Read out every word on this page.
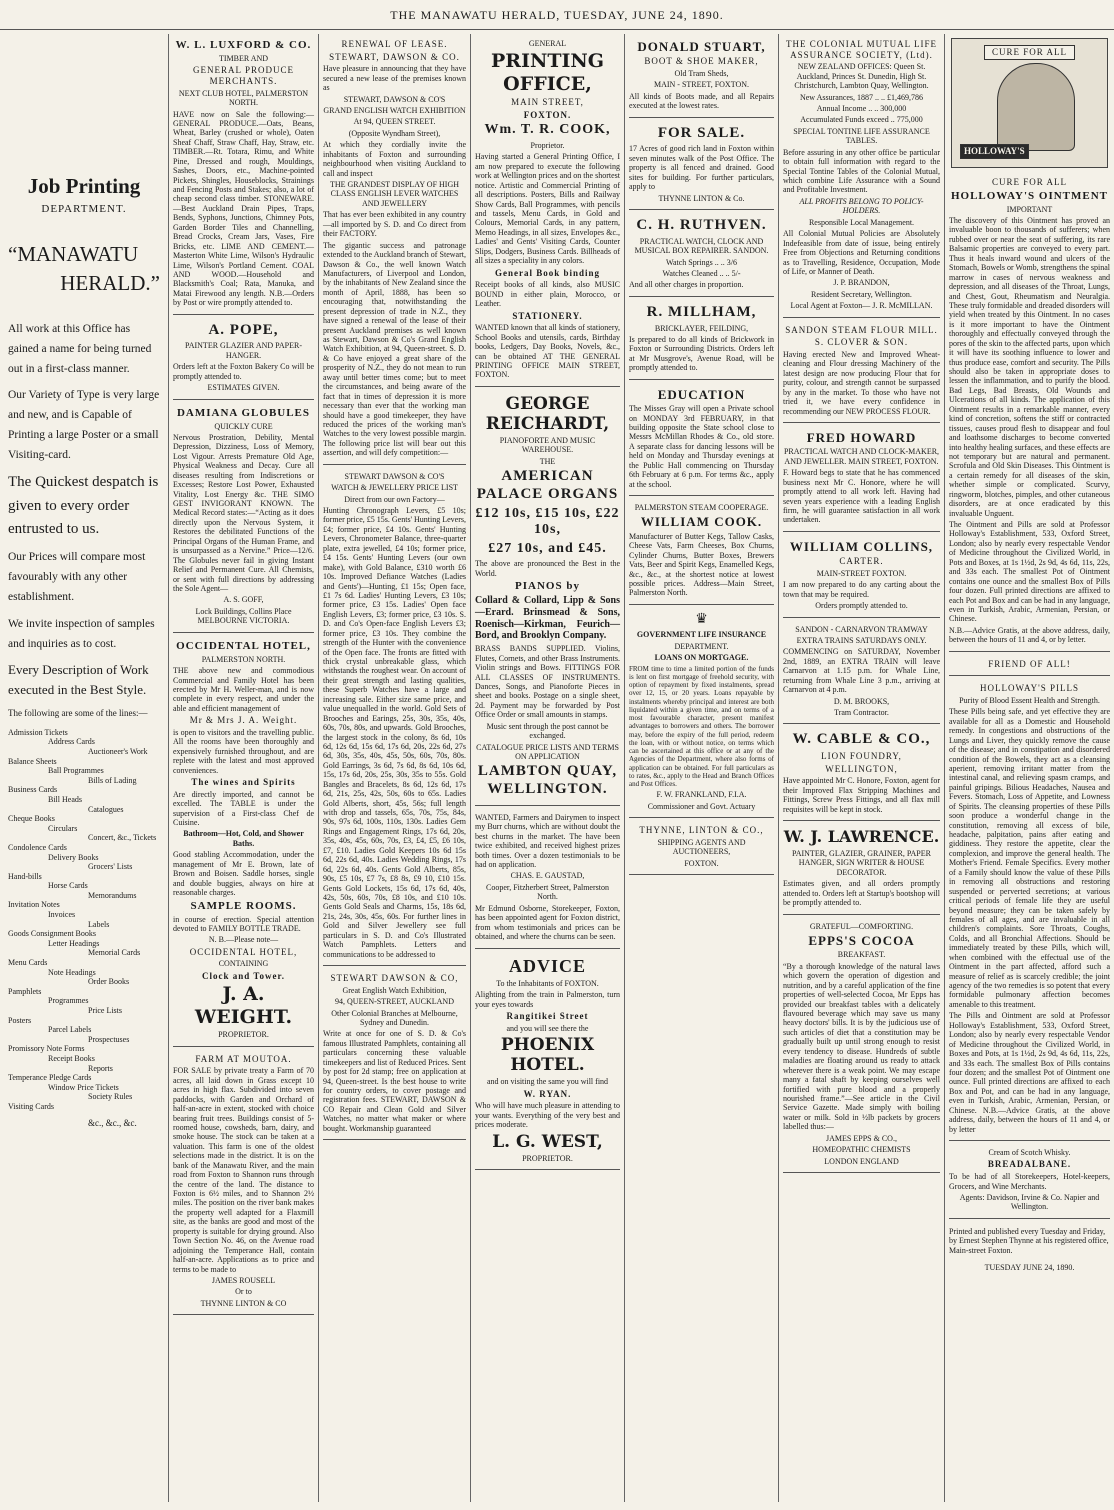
THE MANAWATU HERALD, TUESDAY, JUNE 24, 1890.
Job Printing
DEPARTMENT.
“MANAWATU
HERALD.”

All work at this Office has gained a name for being turned out in a first-class manner.

Our Variety of Type is very large and new, and is Capable of Printing a large Poster or a small Visiting-card.

The Quickest despatch is given to every order entrusted to us.

Our Prices will compare most favourably with any other establishment.

We invite inspection of samples and inquiries as to cost.

Every Description of Work executed in the Best Style.

The following are some of the lines:—

Admission Tickets
Address Cards
Auctioneer's Work
Balance Sheets
Ball Programmes
Bills of Lading
Business Cards
Bill Heads
Catalogues
Cheque Books
Circulars
Concert, &c., Tickets
Condolence Cards
Delivery Books
Grocers' Lists
Hand-bills
Horse Cards
Memorandums
Invitation Notes
Invoices
Labels
Goods Consignment Books
Letter Headings
Memorial Cards
Menu Cards
Note Headings
Order Books
Pamphlets
Programmes
Price Lists
Posters
Parcel Labels
Prospectuses
Promissory Note Forms
Receipt Books
Reports
Temperance Pledge Cards
Window Price Tickets
Society Rules
Visiting Cards
&c., &c., &c.
W. L. LUXFORD & CO.
TIMBER AND
GENERAL PRODUCE MERCHANTS.
NEXT CLUB HOTEL, PALMERSTON NORTH.

HAVE now on Sale the following:— GENERAL PRODUCE.—Oats, Beans, Wheat, Barley (crushed or whole), Oaten Sheaf Chaff, Straw Chaff, Hay, Straw, etc. TIMBER.—Rt. Totara, Rimu, and White Pine, Dressed and rough, Mouldings, Sashes, Doors, etc., Machine-pointed Pickets, Shingles, Houseblocks, Strainings and Fencing Posts and Stakes; also, a lot of cheap second class timber. STONEWARE.—Best Auckland Drain Pipes, Traps, Bends, Syphons, Junctions, Chimney Pots, Garden Border Tiles and Channelling, Bread Crocks, Cream Jars, Vases, Fire Bricks, etc. LIME AND CEMENT.—Masterton White Lime, Wilson's Hydraulic Lime, Wilson's Portland Cement. COAL AND WOOD.—Household and Blacksmith's Coal; Rata, Manuka, and Matai Firewood any length. N.B.—Orders by Post or wire promptly attended to.

A. POPE,
PAINTER GLAZIER AND PAPER-HANGER.

Orders left at the Foxton Bakery Co will be promptly attended to.

ESTIMATES GIVEN.
DAMIANA GLOBULES
QUICKLY CURE

Nervous Prostration, Debility, Mental Depression, Dizziness, Loss of Memory, Lost Vigour. Arrests Premature Old Age, Physical Weakness and Decay. Cure all diseases resulting from Indiscretions or Excesses; Restore Lost Power, Exhausted Vitality, Lost Energy &c. THE SIMO GEST INVIGORANT KNOWN. The Medical Record states:—“Acting as it does directly upon the Nervous System, it Restores the debilitated Functions of the Principal Organs of the Human Frame, and is unsurpassed as a Nervine.” Price—12/6. The Globules never fail in giving Instant Relief and Permanent Cure. All Chemists, or sent with full directions by addressing the Sole Agent—

A. S. GOFF,
Lock Buildings, Collins Place MELBOURNE VICTORIA.
OCCIDENTAL HOTEL,
PALMERSTON NORTH.

THE above new and commodious Commercial and Family Hotel has been erected by Mr H. Weller-man, and is now complete in every respect, and under the able and efficient management of

Mr & Mrs J. A. Weight.

is open to visitors and the travelling public. All the rooms have been thoroughly and expensively furnished throughout, and are replete with the latest and most approved conveniences.

The wines and Spirits

Are directly imported, and cannot be excelled. The TABLE is under the supervision of a First-class Chef de Cuisine.

Bathroom—Hot, Cold, and Shower Baths.

Good stabling Accommodation, under the management of Mr E. Brown, late of Brown and Boisen. Saddle horses, single and double buggies, always on hire at reasonable charges.

SAMPLE ROOMS.

in course of erection. Special attention devoted to FAMILY BOTTLE TRADE.

N. B.—Please note—
OCCIDENTAL HOTEL,
CONTAINING
Clock and Tower.
J. A. WEIGHT.
PROPRIETOR.
FARM AT MOUTOA.

FOR SALE by private treaty a Farm of 70 acres, all laid down in Grass except 10 acres in high flax. Subdivided into seven paddocks, with Garden and Orchard of half-an-acre in extent, stocked with choice bearing fruit trees. Buildings consist of 5-roomed house, cowsheds, barn, dairy, and smoke house. The stock can be taken at a valuation. This farm is one of the oldest selections made in the district. It is on the bank of the Manawatu River, and the main road from Foxton to Shannon runs through the centre of the land. The distance to Foxton is 6½ miles, and to Shannon 2½ miles. The position on the river bank makes the property well adapted for a Flaxmill site, as the banks are good and most of the property is suitable for drying ground. Also Town Section No. 46, on the Avenue road adjoining the Temperance Hall, contain half-an-acre. Applications as to price and terms to be made to

JAMES ROUSELL
Or to
THYNNE LINTON & CO
RENEWAL OF LEASE.
STEWART, DAWSON & CO.

Have pleasure in announcing that they have secured a new lease of the premises known as

STEWART, DAWSON & CO'S
GRAND ENGLISH WATCH EXHIBITION
At 94, QUEEN STREET.
(Opposite Wyndham Street),

At which they cordially invite the inhabitants of Foxton and surrounding neighbourhood when visiting Auckland to call and inspect

THE GRANDEST DISPLAY OF HIGH CLASS ENGLISH LEVER WATCHES AND JEWELLERY

That has ever been exhibited in any country—all imported by S. D. and Co direct from their FACTORY.

The gigantic success and patronage extended to the Auckland branch of Stewart, Dawson & Co., the well known Watch Manufacturers, of Liverpool and London, by the inhabitants of New Zealand since the month of April, 1888, has been so encouraging that, notwithstanding the present depression of trade in N.Z., they have signed a renewal of the lease of their present Auckland premises as well known as Stewart, Dawson & Co's Grand English Watch Exhibition, at 94, Queen-street. S. D. & Co have enjoyed a great share of the prosperity of N.Z., they do not mean to run away until better times come; but to meet the circumstances, and being aware of the fact that in times of depression it is more necessary than ever that the working man should have a good timekeeper, they have reduced the prices of the working man's Watches to the very lowest possible margin. The following price list will bear out this assertion, and will defy competition:—

STEWART DAWSON & CO'S
WATCH & JEWELLERY PRICE LIST
Direct from our own Factory—

Hunting Chronograph Levers, £5 10s; former price, £5 15s. Gents' Hunting Levers, £4; former price, £4 10s. Gents' Hunting Levers, Chronometer Balance, three-quarter plate, extra jewelled, £4 10s; former price, £4 15s. Gents' Hunting Levers (our own make), with Gold Balance, £310 worth £6 10s. Improved Defiance Watches (Ladies and Gents')—Hunting, £1 15s; Open face, £1 7s 6d. Ladies' Hunting Levers, £3 10s; former price, £3 15s. Ladies' Open face English Levers, £3; former price, £3 10s. S. D. and Co's Open-face English Levers £3; former price, £3 10s. They combine the strength of the Hunter with the convenience of the Open face. The fronts are fitted with thick crystal unbreakable glass, which withstands the roughest wear. On account of their great strength and lasting qualities, these Superb Watches have a large and increasing sale. Either size same price, and value unequalled in the world. Gold Sets of Brooches and Earings, 25s, 30s, 35s, 40s, 60s, 70s, 80s, and upwards. Gold Brooches, the largest stock in the colony, 8s 6d, 10s 6d, 12s 6d, 15s 6d, 17s 6d, 20s, 22s 6d, 27s 6d, 30s, 35s, 40s, 45s, 50s, 60s, 70s, 80s. Gold Earrings, 3s 6d, 7s 6d, 8s 6d, 10s 6d, 15s, 17s 6d, 20s, 25s, 30s, 35s to 55s. Gold Bangles and Bracelets, 8s 6d, 12s 6d, 17s 6d, 21s, 25s, 42s, 50s, 60s to 65s. Ladies Gold Alberts, short, 45s, 56s; full length with drop and tassels, 65s, 70s, 75s, 84s, 90s, 97s 6d, 100s, 110s, 130s. Ladies Gem Rings and Engagement Rings, 17s 6d, 20s, 35s, 40s, 45s, 60s, 70s, £3, £4, £5, £6 10s, £7, £10. Ladies Gold Keepers 10s 6d 15s 6d, 22s 6d, 40s. Ladies Wedding Rings, 17s 6d, 22s 6d, 40s. Gents Gold Alberts, 85s, 90s, £5 10s, £7 7s, £8 8s, £9 10, £10 15s. Gents Gold Lockets, 15s 6d, 17s 6d, 40s, 42s, 50s, 60s, 70s, £8 10s, and £10 10s. Gents Gold Seals and Charms, 15s, 18s 6d, 21s, 24s, 30s, 45s, 60s. For further lines in Gold and Silver Jewellery see full particulars in S. D. and Co's Illustrated Watch Pamphlets. Letters and communications to be addressed to

STEWART DAWSON & CO,
Great English Watch Exhibition,
94, QUEEN-STREET, AUCKLAND
Other Colonial Branches at Melbourne, Sydney and Dunedin.

Write at once for one of S. D. & Co's famous Illustrated Pamphlets, containing all particulars concerning these valuable timekeepers and list of Reduced Prices. Sent by post for 2d stamp; free on application at 94, Queen-street. Is the best house to write for country orders, to cover postage and registration fees. STEWART, DAWSON & CO Repair and Clean Gold and Silver Watches, no matter what maker or where bought. Workmanship guaranteed

GENERAL
PRINTING OFFICE,
MAIN STREET,
FOXTON.
Wm. T. R. COOK,
Proprietor.

Having started a General Printing Office, I am now prepared to execute the following work at Wellington prices and on the shortest notice. Artistic and Commercial Printing of all descriptions. Posters, Bills and Railway Show Cards, Ball Programmes, with pencils and tassels, Menu Cards, in Gold and Colours, Memorial Cards, in any pattern, Memo Headings, in all sizes, Envelopes &c., Ladies' and Gents' Visiting Cards, Counter Slips, Dodgers, Business Cards. Billheads of all sizes a speciality in any colors.

General Book binding

Receipt books of all kinds, also MUSIC BOUND in either plain, Morocco, or Leather.

STATIONERY.

WANTED known that all kinds of stationery, School Books and utensils, cards, Birthday books, Ledgers, Day Books, Novels, &c., can be obtained AT THE GENERAL PRINTING OFFICE MAIN STREET, FOXTON.

GEORGE REICHARDT,
PIANOFORTE AND MUSIC WAREHOUSE.
THE
AMERICAN PALACE ORGANS
£12 10s, £15 10s, £22 10s,
£27 10s, and £45.

The above are pronounced the Best in the World.

PIANOS by

Collard & Collard, Lipp & Sons—Erard. Brinsmead & Sons, Roenisch—Kirkman, Feurich—Bord, and Brooklyn Company.

BRASS BANDS SUPPLIED. Violins, Flutes, Cornets, and other Brass Instruments. Violin strings and Bows. FITTINGS FOR ALL CLASSES OF INSTRUMENTS. Dances, Songs, and Pianoforte Pieces in sheet and books. Postage on a single sheet, 2d. Payment may be forwarded by Post Office Order or small amounts in stamps.

Music sent through the post cannot be exchanged.
CATALOGUE PRICE LISTS AND TERMS ON APPLICATION
LAMBTON QUAY, WELLINGTON.

WANTED, Farmers and Dairymen to inspect my Burr churns, which are without doubt the best churns in the market. The have been twice exhibited, and received highest prizes both times. Over a dozen testimonials to be had on application.

CHAS. E. GAUSTAD,
Cooper, Fitzherbert Street, Palmerston North.

Mr Edmund Osborne, Storekeeper, Foxton, has been appointed agent for Foxton district, from whom testimonials and prices can be obtained, and where the churns can be seen.

ADVICE
To the Inhabitants of FOXTON.

Alighting from the train in Palmerston, turn your eyes towards

Rangitikei Street
and you will see there the
PHOENIX HOTEL.
and on visiting the same you will find
W. RYAN.

Who will have much pleasure in attending to your wants. Everything of the very best and prices moderate.

L. G. WEST,
PROPRIETOR.
DONALD STUART,
BOOT & SHOE MAKER,
Old Tram Sheds,
MAIN - STREET, FOXTON.

All kinds of Boots made, and all Repairs executed at the lowest rates.

FOR SALE.

17 Acres of good rich land in Foxton within seven minutes walk of the Post Office. The property is all fenced and drained. Good sites for building. For further particulars, apply to

THYNNE LINTON & Co.
C. H. RUTHVEN.
PRACTICAL WATCH, CLOCK AND MUSICAL BOX REPAIRER. SANDON.
Watch Springs .. .. 3/6
Watches Cleaned .. .. 5/-

And all other charges in proportion.

R. MILLHAM,
BRICKLAYER, FEILDING,

Is prepared to do all kinds of Brickwork in Foxton or Surrounding Districts. Orders left at Mr Musgrove's, Avenue Road, will be promptly attended to.

EDUCATION

The Misses Gray will open a Private school on MONDAY 3rd FEBRUARY, in that building opposite the State school close to Messrs McMillan Rhodes & Co., old store. A separate class for dancing lessons will be held on Monday and Thursday evenings at the Public Hall commencing on Thursday 6th February at 6 p.m. For terms &c., apply at the school.

PALMERSTON STEAM COOPERAGE.
WILLIAM COOK.

Manufacturer of Butter Kegs, Tallow Casks, Cheese Vats, Farm Cheeses, Box Churns, Cylinder Churns, Butter Boxes, Brewers Vats, Beer and Spirit Kegs, Enamelled Kegs, &c., &c., at the shortest notice at lowest possible prices. Address—Main Street, Palmerston North.

♛
GOVERNMENT LIFE INSURANCE
DEPARTMENT.
LOANS ON MORTGAGE.

FROM time to time a limited portion of the funds is lent on first mortgage of freehold security, with option of repayment by fixed instalments, spread over 12, 15, or 20 years. Loans repayable by instalments whereby principal and interest are both liquidated within a given time, and on terms of a most favourable character, present manifest advantages to borrowers and others. The borrower may, before the expiry of the full period, redeem the loan, with or without notice, on terms which can be ascertained at this office or at any of the Agencies of the Department, where also forms of application can be obtained. For full particulars as to rates, &c., apply to the Head and Branch Offices and Post Offices.

F. W. FRANKLAND, F.I.A.
Commissioner and Govt. Actuary
THYNNE, LINTON & CO.,
SHIPPING AGENTS AND AUCTIONEERS,
FOXTON.
THE COLONIAL MUTUAL LIFE ASSURANCE SOCIETY, (Ltd).
NEW ZEALAND OFFICES: Queen St. Auckland, Princes St. Dunedin, High St. Christchurch, Lambton Quay, Wellington.
New Assurances, 1887 .. .. £1,469,786
Annual Income .. .. 300,000
Accumulated Funds exceed .. 775,000
SPECIAL TONTINE LIFE ASSURANCE TABLES.

Before assuring in any other office be particular to obtain full information with regard to the Special Tontine Tables of the Colonial Mutual, which combine Life Assurance with a Sound and Profitable Investment.

ALL PROFITS BELONG TO POLICY-HOLDERS.
Responsible Local Management.

All Colonial Mutual Policies are Absolutely Indefeasible from date of issue, being entirely Free from Objections and Returning conditions as to Travelling, Residence, Occupation, Mode of Life, or Manner of Death.

J. P. BRANDON,
Resident Secretary, Wellington.
Local Agent at Foxton— J. R. McMILLAN.
SANDON STEAM FLOUR MILL.
S. CLOVER & SON.

Having erected New and Improved Wheat-cleaning and Flour dressing Machinery of the latest design are now producing Flour that for purity, colour, and strength cannot be surpassed by any in the market. To those who have not tried it, we have every confidence in recommending our NEW PROCESS FLOUR.

FRED HOWARD
PRACTICAL WATCH AND CLOCK-MAKER, AND JEWELLER. MAIN STREET, FOXTON.

F. Howard begs to state that he has commenced business next Mr C. Honore, where he will promptly attend to all work left. Having had seven years experience with a leading English firm, he will guarantee satisfaction in all work undertaken.

WILLIAM COLLINS,
CARTER.
MAIN-STREET FOXTON.

I am now prepared to do any carting about the town that may be required.

Orders promptly attended to.
SANDON - CARNARVON TRAMWAY
EXTRA TRAINS SATURDAYS ONLY.

COMMENCING on SATURDAY, November 2nd, 1889, an EXTRA TRAIN will leave Carnarvon at 1.15 p.m. for Whale Line, returning from Whale Line 3 p.m., arriving at Carnarvon at 4 p.m.

D. M. BROOKS,
Tram Contractor.
W. CABLE & CO.,
LION FOUNDRY,
WELLINGTON,

Have appointed Mr C. Honore, Foxton, agent for their Improved Flax Stripping Machines and Fittings, Screw Press Fittings, and all flax mill requisites will be kept in stock.

W. J. LAWRENCE.
PAINTER, GLAZIER, GRAINER, PAPER HANGER, SIGN WRITER & HOUSE DECORATOR.

Estimates given, and all orders promptly attended to. Orders left at Startup's bootshop will be promptly attended to.

GRATEFUL—COMFORTING.
EPPS'S COCOA
BREAKFAST.

“By a thorough knowledge of the natural laws which govern the operation of digestion and nutrition, and by a careful application of the fine properties of well-selected Cocoa, Mr Epps has provided our breakfast tables with a delicately flavoured beverage which may save us many heavy doctors' bills. It is by the judicious use of such articles of diet that a constitution may be gradually built up until strong enough to resist every tendency to disease. Hundreds of subtle maladies are floating around us ready to attack wherever there is a weak point. We may escape many a fatal shaft by keeping ourselves well fortified with pure blood and a properly nourished frame.”—See article in the Civil Service Gazette. Made simply with boiling water or milk. Sold in ½lb packets by grocers labelled thus:—

JAMES EPPS & CO.,
HOMEOPATHIC CHEMISTS
LONDON ENGLAND
CURE FOR ALL
HOLLOWAY'S
CURE FOR ALL
HOLLOWAY'S OINTMENT
IMPORTANT

The discovery of this Ointment has proved an invaluable boon to thousands of sufferers; when rubbed over or near the seat of suffering, its rare Balsamic properties are conveyed to every part. Thus it heals inward wound and ulcers of the Stomach, Bowels or Womb, strengthens the spinal marrow in cases of nervous weakness and depression, and all diseases of the Throat, Lungs, and Chest, Gout, Rheumatism and Neuralgia. These truly formidable and dreaded disorders will yield when treated by this Ointment. In no cases is it more important to have the Ointment thoroughly and effectually conveyed through the pores of the skin to the affected parts, upon which it will have its soothing influence to lower and thus produce ease, comfort and security. The Pills should also be taken in appropriate doses to lessen the inflammation, and to purify the blood. Bad Legs, Bad Breasts, Old Wounds and Ulcerations of all kinds. The application of this Ointment results in a remarkable manner, every kind of concretion, softens the stiff or contracted tissues, causes proud flesh to disappear and foul and loathsome discharges to become converted into healthy healing surfaces, and these effects are not temporary but are natural and permanent. Scrofula and Old Skin Diseases. This Ointment is a certain remedy for all diseases of the skin, whether simple or complicated. Scurvy, ringworm, blotches, pimples, and other cutaneous disorders, are at once eradicated by this invaluable Unguent.

The Ointment and Pills are sold at Professor Holloway's Establishment, 533, Oxford Street, London; also by nearly every respectable Vendor of Medicine throughout the Civilized World, in Pots and Boxes, at 1s 1½d, 2s 9d, 4s 6d, 11s, 22s, and 33s each. The smallest Pot of Ointment contains one ounce and the smallest Box of Pills four dozen. Full printed directions are affixed to each Pot and Box and can be had in any language, even in Turkish, Arabic, Armenian, Persian, or Chinese.

N.B.—Advice Gratis, at the above address, daily, between the hours of 11 and 4, or by letter.

FRIEND OF ALL!
HOLLOWAY'S PILLS
Purity of Blood Essent Health and Strength.

These Pills being safe, and yet effective they are available for all as a Domestic and Household remedy. In congestions and obstructions of the Lungs and Liver, they quickly remove the cause of the disease; and in constipation and disordered condition of the Bowels, they act as a cleansing aperient, removing irritant matter from the intestinal canal, and relieving spasm cramps, and painful gripings. Bilious Headaches, Nausea and Fevers. Stomach, Loss of Appetite, and Lowness of Spirits. The cleansing properties of these Pills soon produce a wonderful change in the constitution, removing all excess of bile, headache, palpitation, pains after eating and giddiness. They restore the appetite, clear the complexion, and improve the general health. The Mother's Friend. Female Specifics. Every mother of a Family should know the value of these Pills in removing all obstructions and restoring suspended or perverted secretions; at various critical periods of female life they are useful beyond measure; they can be taken safely by females of all ages, and are invaluable in all children's complaints. Sore Throats, Coughs, Colds, and all Bronchial Affections. Should be immediately treated by these Pills, which will, when combined with the effectual use of the Ointment in the part affected, afford such a measure of relief as is scarcely credible; the joint agency of the two remedies is so potent that every formidable pulmonary affection becomes amenable to this treatment.

The Pills and Ointment are sold at Professor Holloway's Establishment, 533, Oxford Street, London; also by nearly every respectable Vendor of Medicine throughout the Civilized World, in Boxes and Pots, at 1s 1½d, 2s 9d, 4s 6d, 11s, 22s, and 33s each. The smallest Box of Pills contains four dozen; and the smallest Pot of Ointment one ounce. Full printed directions are affixed to each Box and Pot, and can be had in any language, even in Turkish, Arabic, Armenian, Persian, or Chinese. N.B.—Advice Gratis, at the above address, daily, between the hours of 11 and 4, or by letter

Cream of Scotch Whisky.
BREADALBANE.

To be had of all Storekeepers, Hotel-keepers, Grocers, and Wine Merchants.

Agents: Davidson, Irvine & Co. Napier and Wellington.

Printed and published every Tuesday and Friday, by Ernest Stephen Thynne at his registered office, Main-street Foxton.

TUESDAY JUNE 24, 1890.
